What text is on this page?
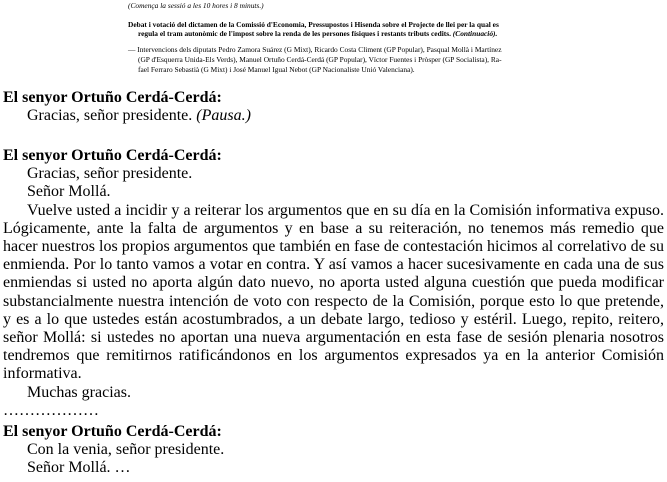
(Comença la sessió a les 10 hores i 8 minuts.)
Debat i votació del dictamen de la Comissió d'Economia, Pressupostos i Hisenda sobre el Projecte de llei per la qual es
regula el tram autonòmic de l'impost sobre la renda de les persones físiques i restants tributs cedits. (Continuació).
— Intervencions dels diputats Pedro Zamora Suárez (G Mixt), Ricardo Costa Climent (GP Popular), Pasqual Mollà i Martínez
(GP d'Esquerra Unida-Els Verds), Manuel Ortuño Cerdá-Cerdá (GP Popular), Víctor Fuentes i Pròsper (GP Socialista), Ra-
fael Ferraro Sebastià (G Mixt) i José Manuel Igual Nebot (GP Nacionaliste Unió Valenciana).
El senyor Ortuño Cerdá-Cerdá:
Gracias, señor presidente. (Pausa.)
El senyor Ortuño Cerdá-Cerdá:
Gracias, señor presidente.
Señor Mollá.
Vuelve usted a incidir y a reiterar los argumentos que en su día en la Comisión informativa expuso.
Lógicamente, ante la falta de argumentos y en base a su reiteración, no tenemos más remedio que
hacer nuestros los propios argumentos que también en fase de contestación hicimos al correlativo de su
enmienda. Por lo tanto vamos a votar en contra. Y así vamos a hacer sucesivamente en cada una de sus
enmiendas si usted no aporta algún dato nuevo, no aporta usted alguna cuestión que pueda modificar
substancialmente nuestra intención de voto con respecto de la Comisión, porque esto lo que pretende,
y es a lo que ustedes están acostumbrados, a un debate largo, tedioso y estéril. Luego, repito, reitero,
señor Mollá: si ustedes no aportan una nueva argumentación en esta fase de sesión plenaria nosotros
tendremos que remitirnos ratificándonos en los argumentos expresados ya en la anterior Comisión
informativa.
Muchas gracias.
………………
El senyor Ortuño Cerdá-Cerdá:
Con la venia, señor presidente.
Señor Mollá. …
